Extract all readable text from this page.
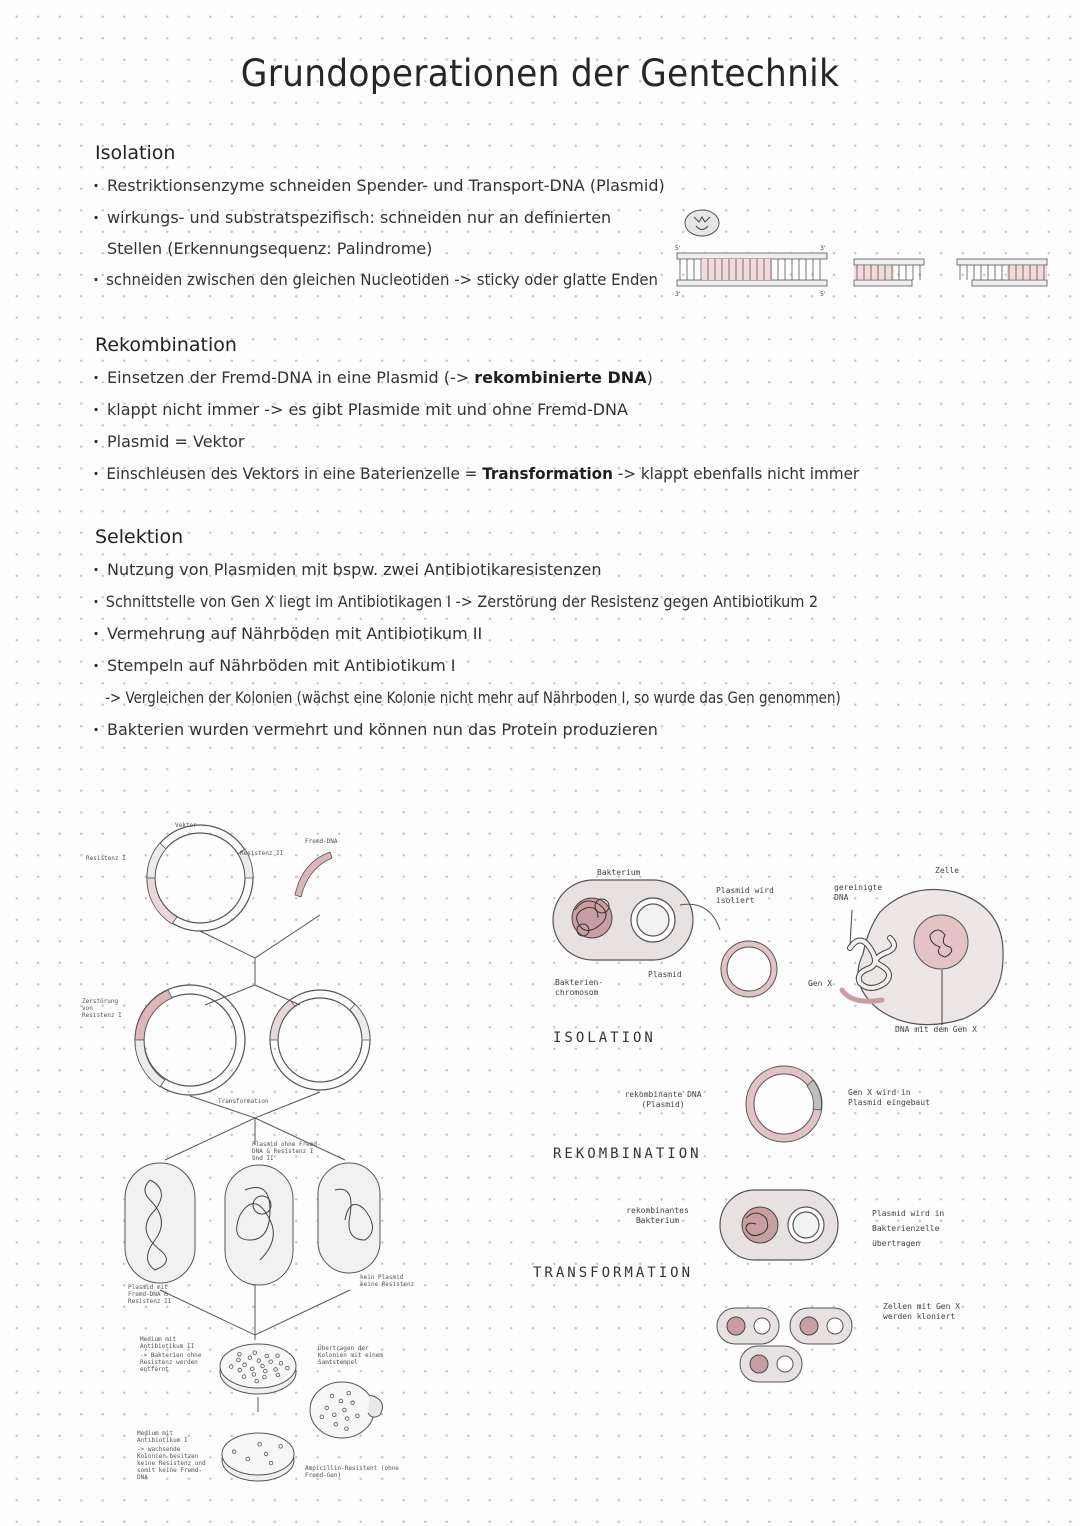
Grundoperationen der Gentechnik
Isolation
· Restriktionsenzyme schneiden Spender- und Transport-DNA (Plasmid)
· wirkungs- und substratspezifisch: schneiden nur an definierten Stellen (Erkennungsequenz: Palindrome)
· schneiden zwischen den gleichen Nucleotiden -> sticky oder glatte Enden
5'
3'
3'
5'
Rekombination
· Einsetzen der Fremd-DNA in eine Plasmid (-> rekombinierte DNA)
· klappt nicht immer -> es gibt Plasmide mit und ohne Fremd-DNA
· Plasmid = Vektor
· Einschleusen des Vektors in eine Baterienzelle = Transformation -> klappt ebenfalls nicht immer
Selektion
· Nutzung von Plasmiden mit bspw. zwei Antibiotikaresistenzen
· Schnittstelle von Gen X liegt im Antibiotikagen I -> Zerstörung der Resistenz gegen Antibiotikum 2
· Vermehrung auf Nährböden mit Antibiotikum II
· Stempeln auf Nährböden mit Antibiotikum I
-> Vergleichen der Kolonien (wächst eine Kolonie nicht mehr auf Nährboden I, so wurde das Gen genommen)
· Bakterien wurden vermehrt und können nun das Protein produzieren
Vektor
Resistenz I
Resistenz II
Fremd-DNA
Zerstörung von Resistenz I
Transformation
Plasmid ohne Fremd-DNA & Resistenz I und II
Plasmid mit Fremd-DNA & Resistenz II
kein Plasmid keine Resistenz
Medium mit Antibiotikum II
-> Bakterien ohne Resistenz werden entfernt
Übertragen der Kolonien mit einem Samtstempel
Medium mit Antibiotikum I
-> wachsende Kolonien besitzen keine Resistenz und somit keine Fremd-DNA
Ampicillin-Resistent (ohne Fremd-Gen)
Bakterium
Plasmid wird isoliert
gereinigte DNA
Zelle
Bakterien-chromosom
Plasmid
Gen X
DNA mit dem Gen X
ISOLATION
rekombinante DNA (Plasmid)
Gen X wird in Plasmid eingebaut
REKOMBINATION
rekombinantes Bakterium
Plasmid wird in Bakterienzelle übertragen
TRANSFORMATION
Zellen mit Gen X werden kloniert
